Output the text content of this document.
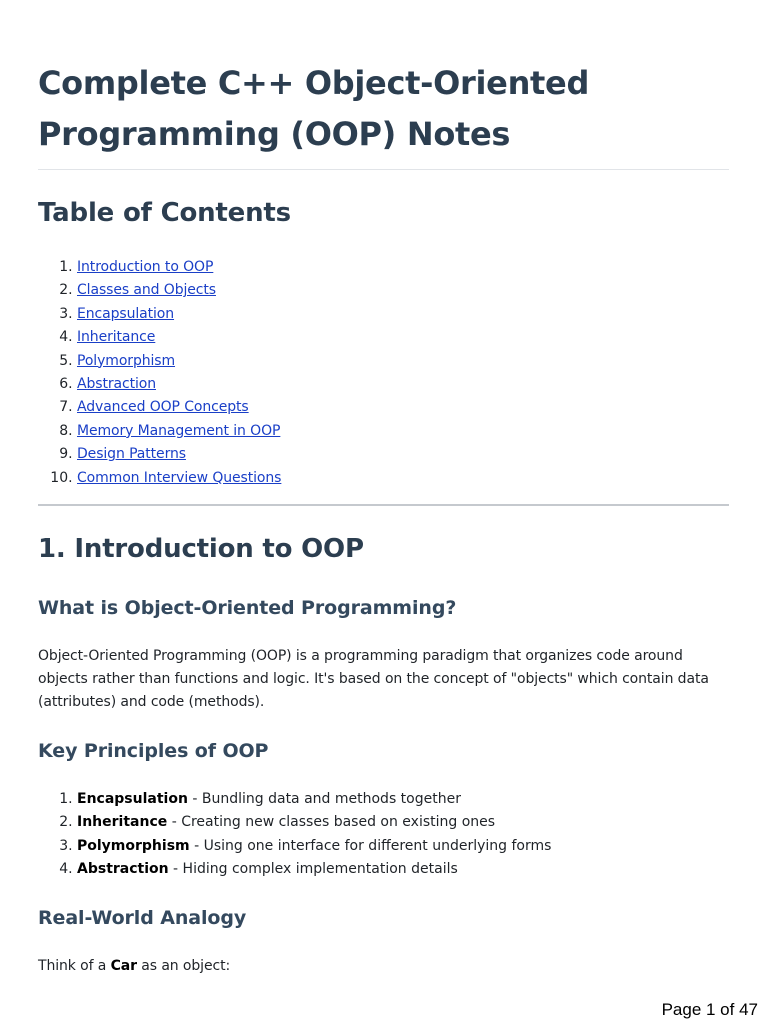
Complete C++ Object-Oriented Programming (OOP) Notes
Table of Contents
1. Introduction to OOP
2. Classes and Objects
3. Encapsulation
4. Inheritance
5. Polymorphism
6. Abstraction
7. Advanced OOP Concepts
8. Memory Management in OOP
9. Design Patterns
10. Common Interview Questions
1. Introduction to OOP
What is Object-Oriented Programming?

Object-Oriented Programming (OOP) is a programming paradigm that organizes code around objects rather than functions and logic. It's based on the concept of "objects" which contain data (attributes) and code (methods).

Key Principles of OOP
1. Encapsulation - Bundling data and methods together
2. Inheritance - Creating new classes based on existing ones
3. Polymorphism - Using one interface for different underlying forms
4. Abstraction - Hiding complex implementation details
Real-World Analogy

Think of a Car as an object:

Page 1 of 47
